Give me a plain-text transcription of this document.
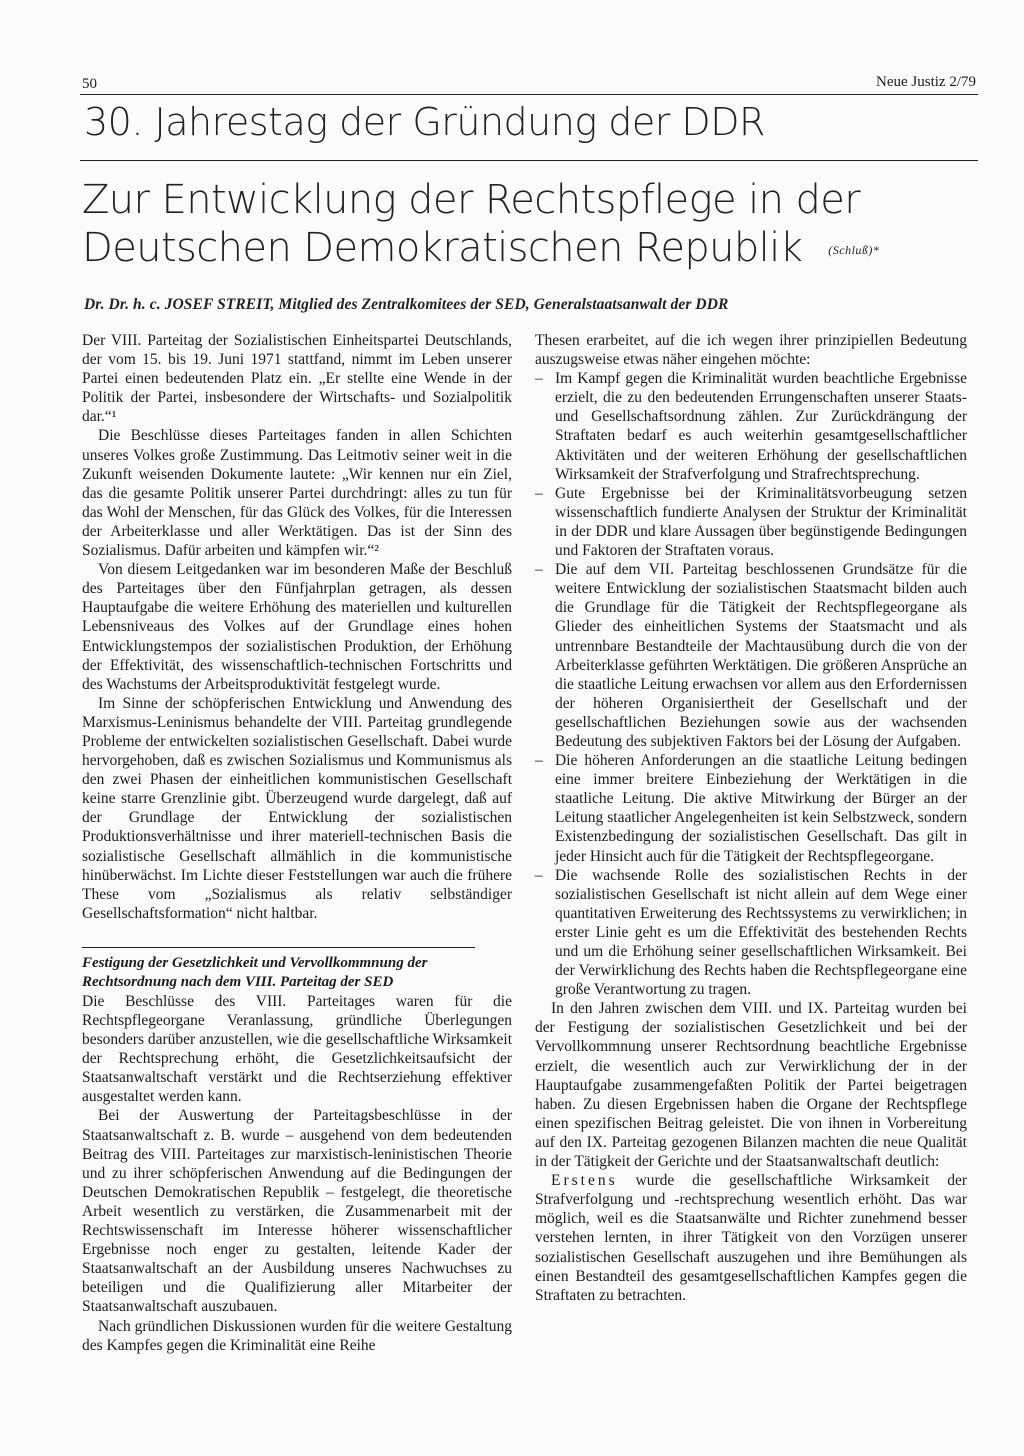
50	Neue Justiz 2/79
30. Jahrestag der Gründung der DDR
Zur Entwicklung der Rechtspflege in der
Deutschen Demokratischen Republik (Schluß)*
Dr. Dr. h. c. JOSEF STREIT, Mitglied des Zentralkomitees der SED, Generalstaatsanwalt der DDR

Der VIII. Parteitag der Sozialistischen Einheitspartei Deutschlands, der vom 15. bis 19. Juni 1971 stattfand, nimmt im Leben unserer Partei einen bedeutenden Platz ein. „Er stellte eine Wende in der Politik der Partei, insbesondere der Wirtschafts- und Sozialpolitik dar.“¹

Die Beschlüsse dieses Parteitages fanden in allen Schichten unseres Volkes große Zustimmung. Das Leitmotiv seiner weit in die Zukunft weisenden Dokumente lautete: „Wir kennen nur ein Ziel, das die gesamte Politik unserer Partei durchdringt: alles zu tun für das Wohl der Menschen, für das Glück des Volkes, für die Interessen der Arbeiterklasse und aller Werktätigen. Das ist der Sinn des Sozialismus. Dafür arbeiten und kämpfen wir.“²

Von diesem Leitgedanken war im besonderen Maße der Beschluß des Parteitages über den Fünfjahrplan getragen, als dessen Hauptaufgabe die weitere Erhöhung des materiellen und kulturellen Lebensniveaus des Volkes auf der Grundlage eines hohen Entwicklungstempos der sozialistischen Produktion, der Erhöhung der Effektivität, des wissenschaftlich-technischen Fortschritts und des Wachstums der Arbeitsproduktivität festgelegt wurde.

Im Sinne der schöpferischen Entwicklung und Anwendung des Marxismus-Leninismus behandelte der VIII. Parteitag grundlegende Probleme der entwickelten sozialistischen Gesellschaft. Dabei wurde hervorgehoben, daß es zwischen Sozialismus und Kommunismus als den zwei Phasen der einheitlichen kommunistischen Gesellschaft keine starre Grenzlinie gibt. Überzeugend wurde dargelegt, daß auf der Grundlage der Entwicklung der sozialistischen Produktionsverhältnisse und ihrer materiell-technischen Basis die sozialistische Gesellschaft allmählich in die kommunistische hinüberwächst. Im Lichte dieser Feststellungen war auch die frühere These vom „Sozialismus als relativ selbständiger Gesellschaftsformation“ nicht haltbar.

Festigung der Gesetzlichkeit und Vervollkommnung der Rechtsordnung nach dem VIII. Parteitag der SED

Die Beschlüsse des VIII. Parteitages waren für die Rechtspflegeorgane Veranlassung, gründliche Überlegungen besonders darüber anzustellen, wie die gesellschaftliche Wirksamkeit der Rechtsprechung erhöht, die Gesetzlichkeitsaufsicht der Staatsanwaltschaft verstärkt und die Rechtserziehung effektiver ausgestaltet werden kann.

Bei der Auswertung der Parteitagsbeschlüsse in der Staatsanwaltschaft z. B. wurde – ausgehend von dem bedeutenden Beitrag des VIII. Parteitages zur marxistisch-leninistischen Theorie und zu ihrer schöpferischen Anwendung auf die Bedingungen der Deutschen Demokratischen Republik – festgelegt, die theoretische Arbeit wesentlich zu verstärken, die Zusammenarbeit mit der Rechtswissenschaft im Interesse höherer wissenschaftlicher Ergebnisse noch enger zu gestalten, leitende Kader der Staatsanwaltschaft an der Ausbildung unseres Nachwuchses zu beteiligen und die Qualifizierung aller Mitarbeiter der Staatsanwaltschaft auszubauen.

Nach gründlichen Diskussionen wurden für die weitere Gestaltung des Kampfes gegen die Kriminalität eine Reihe

Thesen erarbeitet, auf die ich wegen ihrer prinzipiellen Bedeutung auszugsweise etwas näher eingehen möchte:

– Im Kampf gegen die Kriminalität wurden beachtliche Ergebnisse erzielt, die zu den bedeutenden Errungenschaften unserer Staats- und Gesellschaftsordnung zählen. Zur Zurückdrängung der Straftaten bedarf es auch weiterhin gesamtgesellschaftlicher Aktivitäten und der weiteren Erhöhung der gesellschaftlichen Wirksamkeit der Strafverfolgung und Strafrechtsprechung.
– Gute Ergebnisse bei der Kriminalitätsvorbeugung setzen wissenschaftlich fundierte Analysen der Struktur der Kriminalität in der DDR und klare Aussagen über begünstigende Bedingungen und Faktoren der Straftaten voraus.
– Die auf dem VII. Parteitag beschlossenen Grundsätze für die weitere Entwicklung der sozialistischen Staatsmacht bilden auch die Grundlage für die Tätigkeit der Rechtspflegeorgane als Glieder des einheitlichen Systems der Staatsmacht und als untrennbare Bestandteile der Machtausübung durch die von der Arbeiterklasse geführten Werktätigen. Die größeren Ansprüche an die staatliche Leitung erwachsen vor allem aus den Erfordernissen der höheren Organisiertheit der Gesellschaft und der gesellschaftlichen Beziehungen sowie aus der wachsenden Bedeutung des subjektiven Faktors bei der Lösung der Aufgaben.
– Die höheren Anforderungen an die staatliche Leitung bedingen eine immer breitere Einbeziehung der Werktätigen in die staatliche Leitung. Die aktive Mitwirkung der Bürger an der Leitung staatlicher Angelegenheiten ist kein Selbstzweck, sondern Existenzbedingung der sozialistischen Gesellschaft. Das gilt in jeder Hinsicht auch für die Tätigkeit der Rechtspflegeorgane.
– Die wachsende Rolle des sozialistischen Rechts in der sozialistischen Gesellschaft ist nicht allein auf dem Wege einer quantitativen Erweiterung des Rechtssystems zu verwirklichen; in erster Linie geht es um die Effektivität des bestehenden Rechts und um die Erhöhung seiner gesellschaftlichen Wirksamkeit. Bei der Verwirklichung des Rechts haben die Rechtspflegeorgane eine große Verantwortung zu tragen.

In den Jahren zwischen dem VIII. und IX. Parteitag wurden bei der Festigung der sozialistischen Gesetzlichkeit und bei der Vervollkommnung unserer Rechtsordnung beachtliche Ergebnisse erzielt, die wesentlich auch zur Verwirklichung der in der Hauptaufgabe zusammengefaßten Politik der Partei beigetragen haben. Zu diesen Ergebnissen haben die Organe der Rechtspflege einen spezifischen Beitrag geleistet. Die von ihnen in Vorbereitung auf den IX. Parteitag gezogenen Bilanzen machten die neue Qualität in der Tätigkeit der Gerichte und der Staatsanwaltschaft deutlich:

Erstens wurde die gesellschaftliche Wirksamkeit der Strafverfolgung und -rechtsprechung wesentlich erhöht. Das war möglich, weil es die Staatsanwälte und Richter zunehmend besser verstehen lernten, in ihrer Tätigkeit von den Vorzügen unserer sozialistischen Gesellschaft auszugehen und ihre Bemühungen als einen Bestandteil des gesamtgesellschaftlichen Kampfes gegen die Straftaten zu betrachten.
